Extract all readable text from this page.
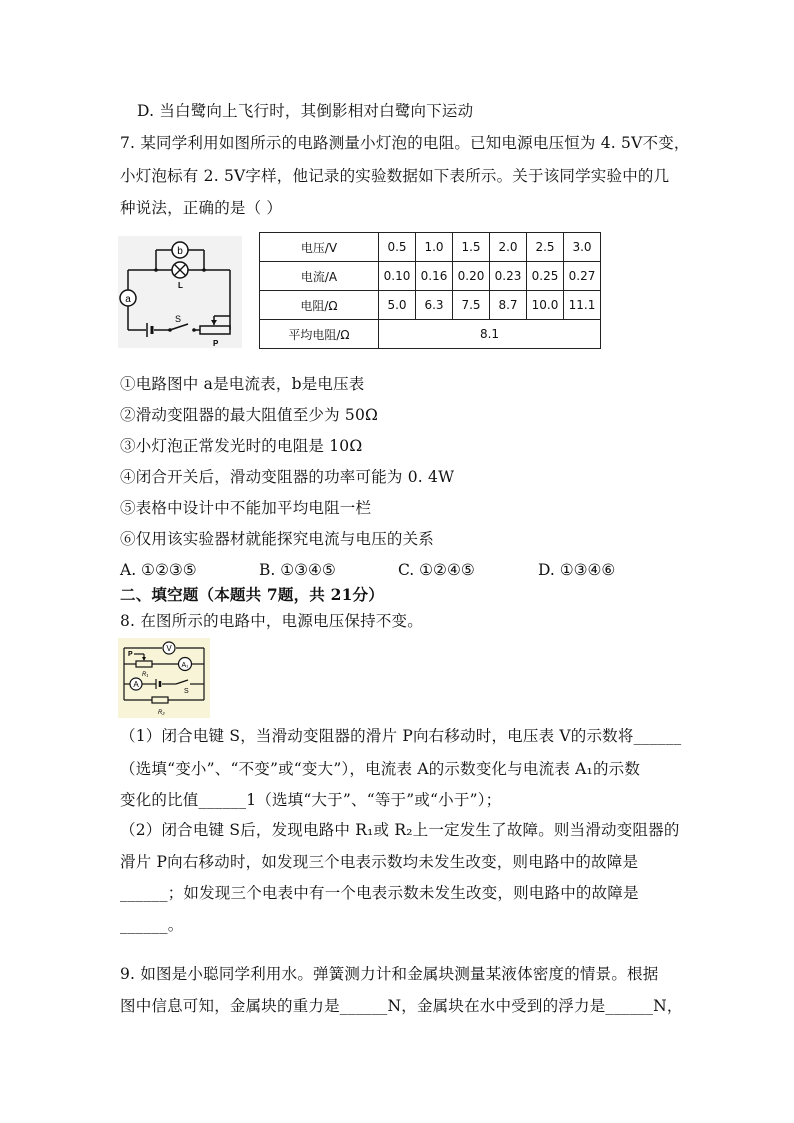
D. 当白鹭向上飞行时，其倒影相对白鹭向下运动
7. 某同学利用如图所示的电路测量小灯泡的电阻。已知电源电压恒为 4. 5V不变，
小灯泡标有 2. 5V字样，他记录的实验数据如下表所示。关于该同学实验中的几
种说法，正确的是（ ）
b
L
a
S
P
电压/V	0.5	1.0	1.5	2.0	2.5	3.0
电流/A	0.10	0.16	0.20	0.23	0.25	0.27
电阻/Ω	5.0	6.3	7.5	8.7	10.0	11.1
平均电阻/Ω	8.1					
①电路图中 a是电流表，b是电压表
②滑动变阻器的最大阻值至少为 50Ω
③小灯泡正常发光时的电阻是 10Ω
④闭合开关后，滑动变阻器的功率可能为 0. 4W
⑤表格中设计中不能加平均电阻一栏
⑥仅用该实验器材就能探究电流与电压的关系
A. ①②③⑤	B. ①③④⑤	C. ①②④⑤	D. ①③④⑥
二、填空题（本题共 7题，共 21分）
8. 在图所示的电路中，电源电压保持不变。
V
A₁
A
P
R₁
S
R₂
（1）闭合电键 S，当滑动变阻器的滑片 P向右移动时，电压表 V的示数将______
（选填“变小”、“不变”或“变大”），电流表 A的示数变化与电流表 A₁的示数
变化的比值______1（选填“大于”、“等于”或“小于”）；
（2）闭合电键 S后，发现电路中 R₁或 R₂上一定发生了故障。则当滑动变阻器的
滑片 P向右移动时，如发现三个电表示数均未发生改变，则电路中的故障是
______；如发现三个电表中有一个电表示数未发生改变，则电路中的故障是
______。
9. 如图是小聪同学利用水。弹簧测力计和金属块测量某液体密度的情景。根据
图中信息可知，金属块的重力是______N，金属块在水中受到的浮力是______N，
